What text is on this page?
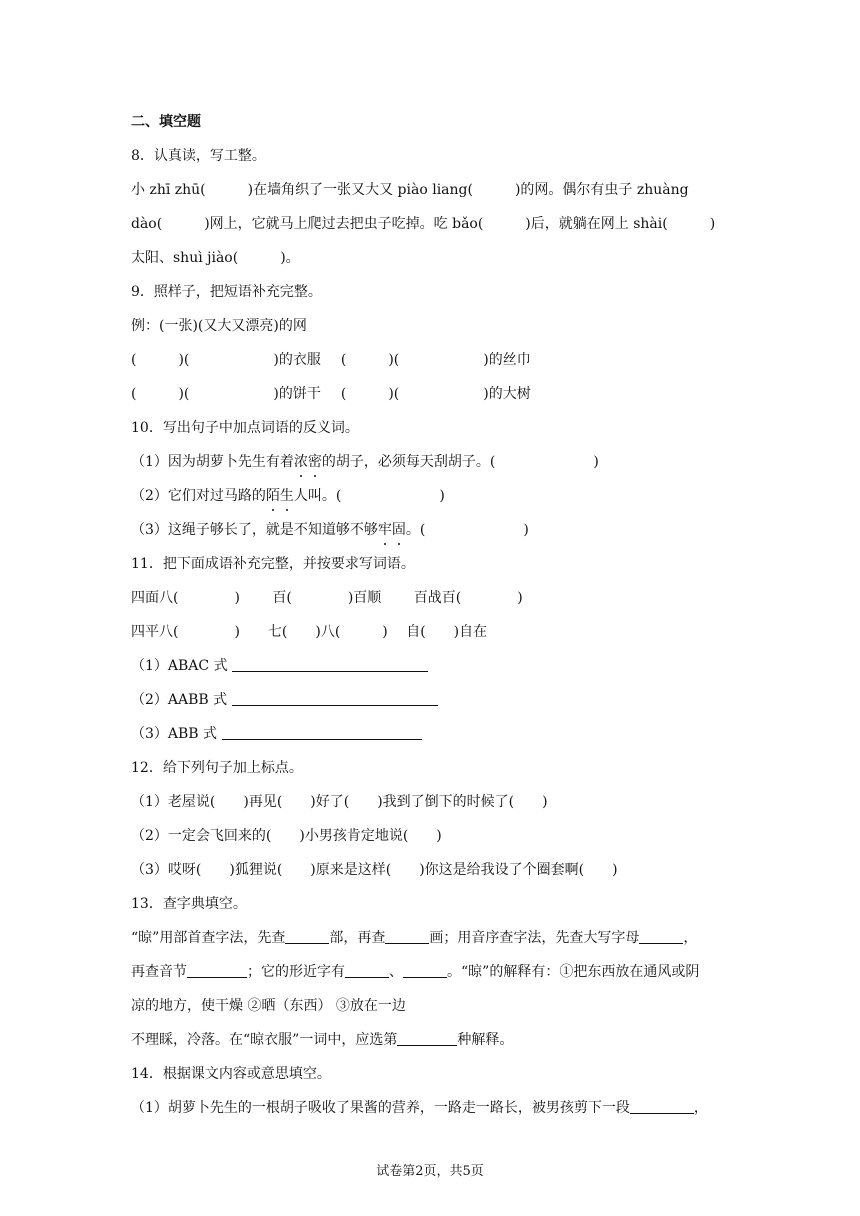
二、填空题
8．认真读，写工整。
小 zhī zhū(　　　)在墙角织了一张又大又 piào liang(　　　)的网。偶尔有虫子 zhuàng
dào(　　　)网上，它就马上爬过去把虫子吃掉。吃 bǎo(　　　)后，就躺在网上 shài(　　　)
太阳、shuì jiào(　　　)。
9．照样子，把短语补充完整。
例：(一张)(又大又漂亮)的网
(　　　)(　　　　　　)的衣服 (　　　)(　　　　　　)的丝巾
(　　　)(　　　　　　)的饼干 (　　　)(　　　　　　)的大树
10．写出句子中加点词语的反义词。
（1）因为胡萝卜先生有着浓密的胡子，必须每天刮胡子。(　　　　　　　)
（2）它们对过马路的陌生人叫。(　　　　　　　)
（3）这绳子够长了，就是不知道够不够牢固。(　　　　　　　)
11．把下面成语补充完整，并按要求写词语。
四面八(　　　　)　　 百(　　　　)百顺　　 百战百(　　　　)
四平八(　　　　)　　七(　　)八(　　　)　 自(　　)自在
（1）ABAC 式
（2）AABB 式
（3）ABB 式
12．给下列句子加上标点。
（1）老屋说(　　)再见(　　)好了(　　)我到了倒下的时候了(　　)
（2）一定会飞回来的(　　)小男孩肯定地说(　　)
（3）哎呀(　　)狐狸说(　　)原来是这样(　　)你这是给我设了个圈套啊(　　)
13．查字典填空。
“晾”用部首查字法，先查	部，再查	画；用音序查字法，先查大写字母	，
再查音节	；它的形近字有	、	。“晾”的解释有：①把东西放在通风或阴
凉的地方，使干燥 ②晒（东西） ③放在一边
不理睬，冷落。在“晾衣服”一词中，应选第	种解释。
14．根据课文内容或意思填空。
（1）胡萝卜先生的一根胡子吸收了果酱的营养，一路走一路长，被男孩剪下一段	，
试卷第2页，共5页
